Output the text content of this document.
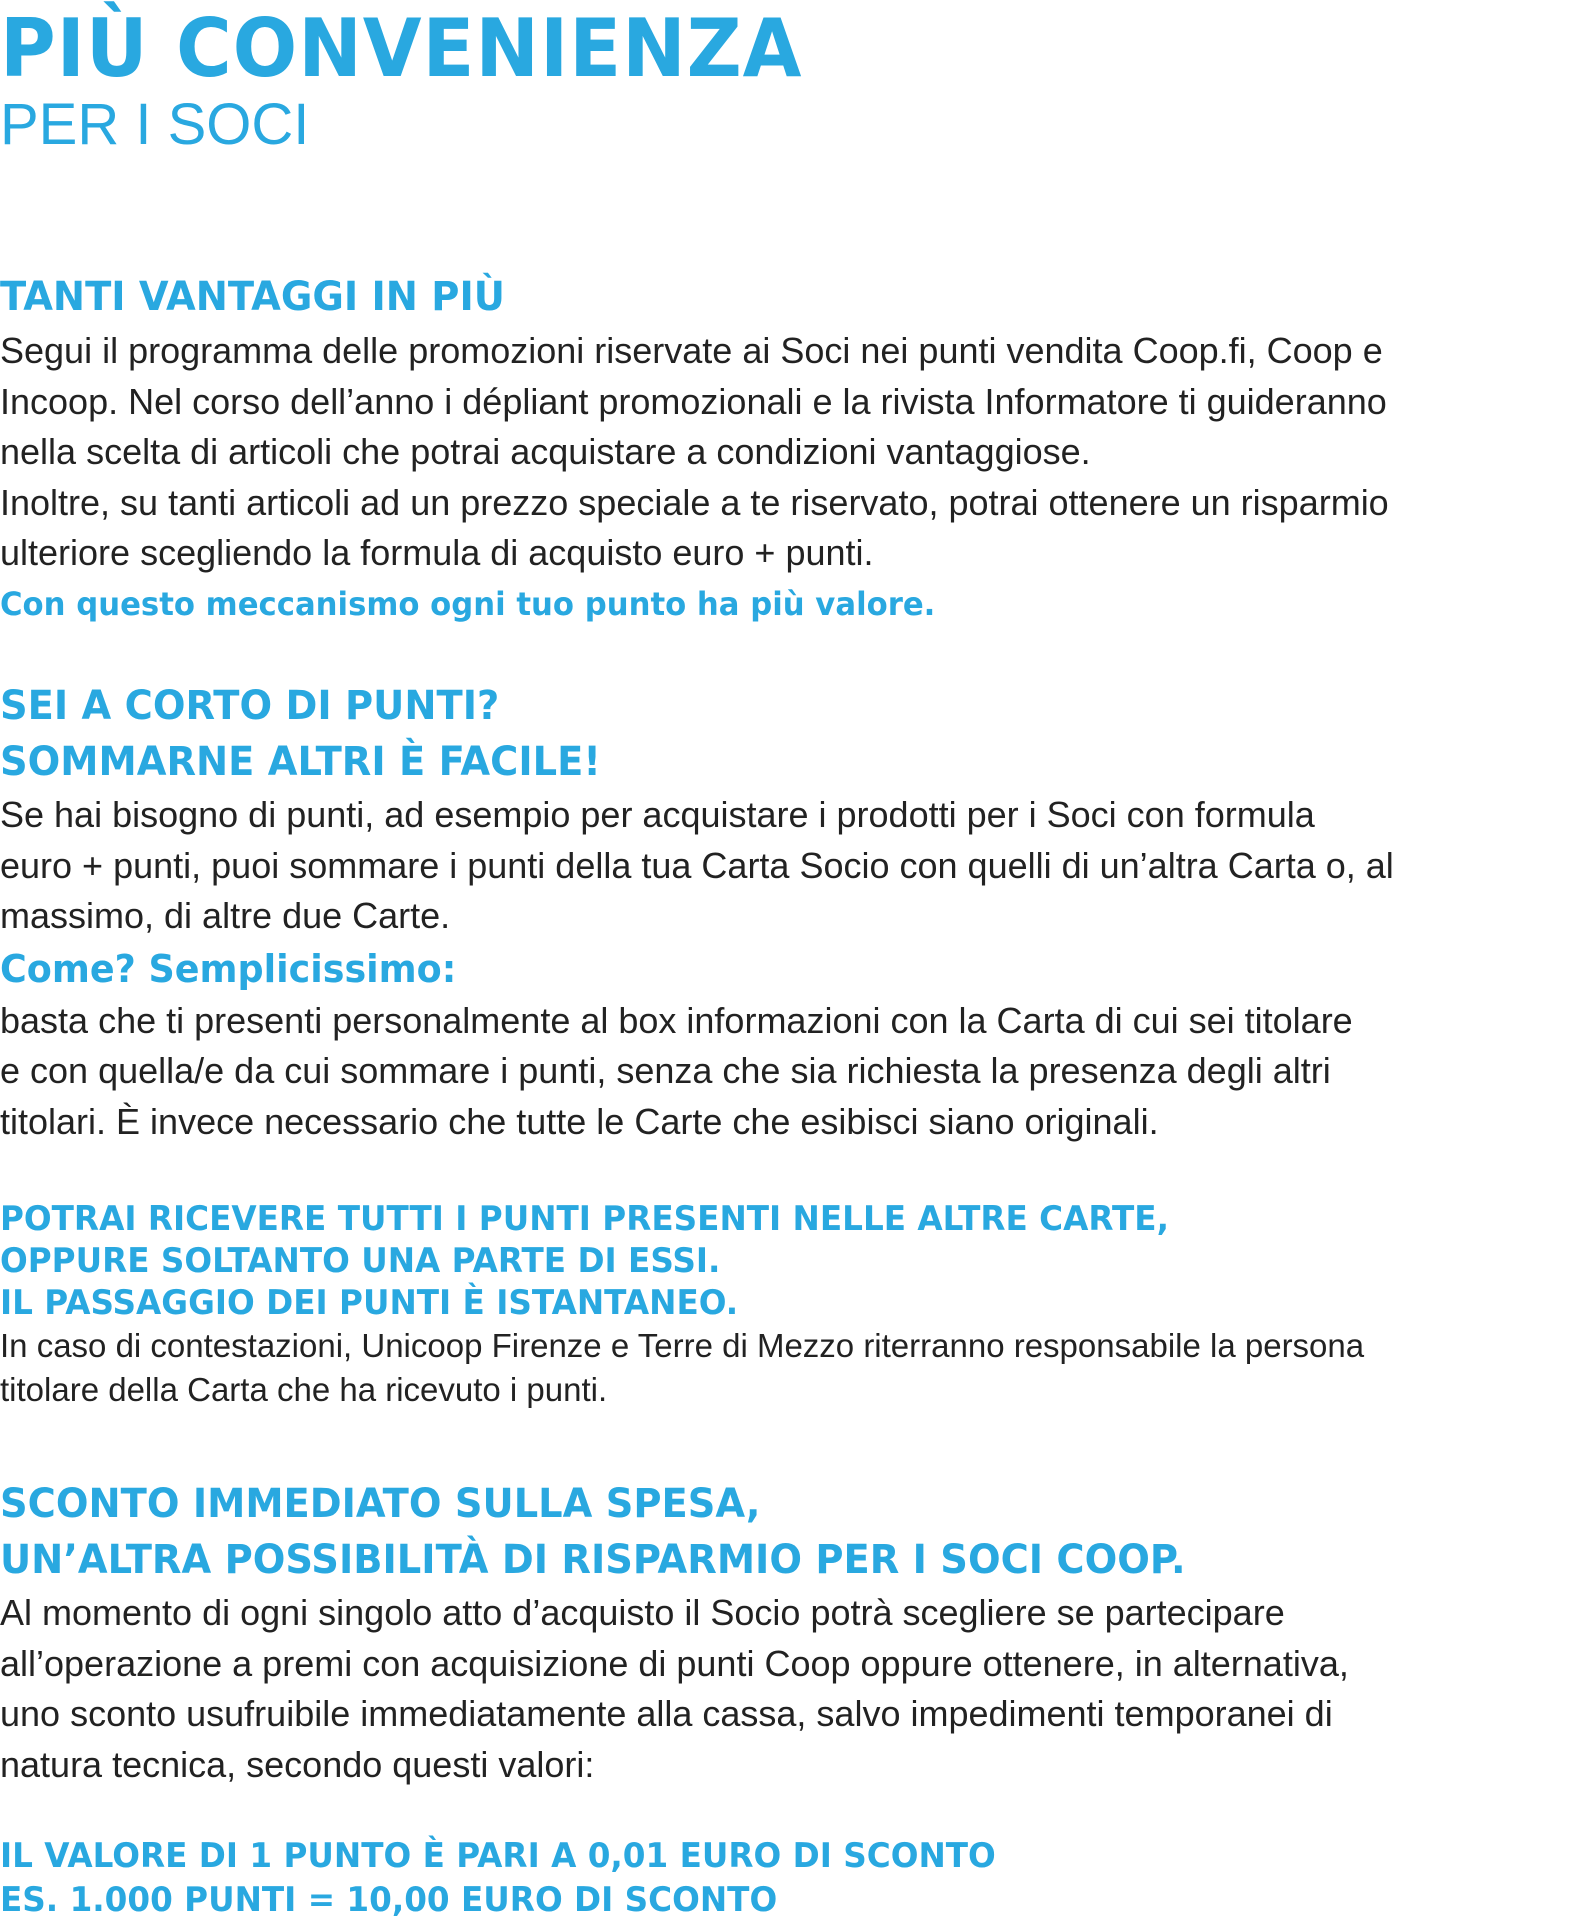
PIÙ CONVENIENZA
PER I SOCI
TANTI VANTAGGI IN PIÙ
Segui il programma delle promozioni riservate ai Soci nei punti vendita Coop.fi, Coop e
Incoop. Nel corso dell’anno i dépliant promozionali e la rivista Informatore ti guideranno
nella scelta di articoli che potrai acquistare a condizioni vantaggiose.
Inoltre, su tanti articoli ad un prezzo speciale a te riservato, potrai ottenere un risparmio
ulteriore scegliendo la formula di acquisto euro + punti.

Con questo meccanismo ogni tuo punto ha più valore.

SEI A CORTO DI PUNTI?
SOMMARNE ALTRI È FACILE!
Se hai bisogno di punti, ad esempio per acquistare i prodotti per i Soci con formula
euro + punti, puoi sommare i punti della tua Carta Socio con quelli di un’altra Carta o, al
massimo, di altre due Carte.

Come? Semplicissimo:

basta che ti presenti personalmente al box informazioni con la Carta di cui sei titolare
e con quella/e da cui sommare i punti, senza che sia richiesta la presenza degli altri
titolari. È invece necessario che tutte le Carte che esibisci siano originali.
POTRAI RICEVERE TUTTI I PUNTI PRESENTI NELLE ALTRE CARTE,
OPPURE SOLTANTO UNA PARTE DI ESSI.
IL PASSAGGIO DEI PUNTI È ISTANTANEO.
In caso di contestazioni, Unicoop Firenze e Terre di Mezzo riterranno responsabile la persona
titolare della Carta che ha ricevuto i punti.
SCONTO IMMEDIATO SULLA SPESA,
UN’ALTRA POSSIBILITÀ DI RISPARMIO PER I SOCI COOP.
Al momento di ogni singolo atto d’acquisto il Socio potrà scegliere se partecipare
all’operazione a premi con acquisizione di punti Coop oppure ottenere, in alternativa,
uno sconto usufruibile immediatamente alla cassa, salvo impedimenti temporanei di
natura tecnica, secondo questi valori:
IL VALORE DI 1 PUNTO È PARI A 0,01 EURO DI SCONTO
ES. 1.000 PUNTI = 10,00 EURO DI SCONTO
